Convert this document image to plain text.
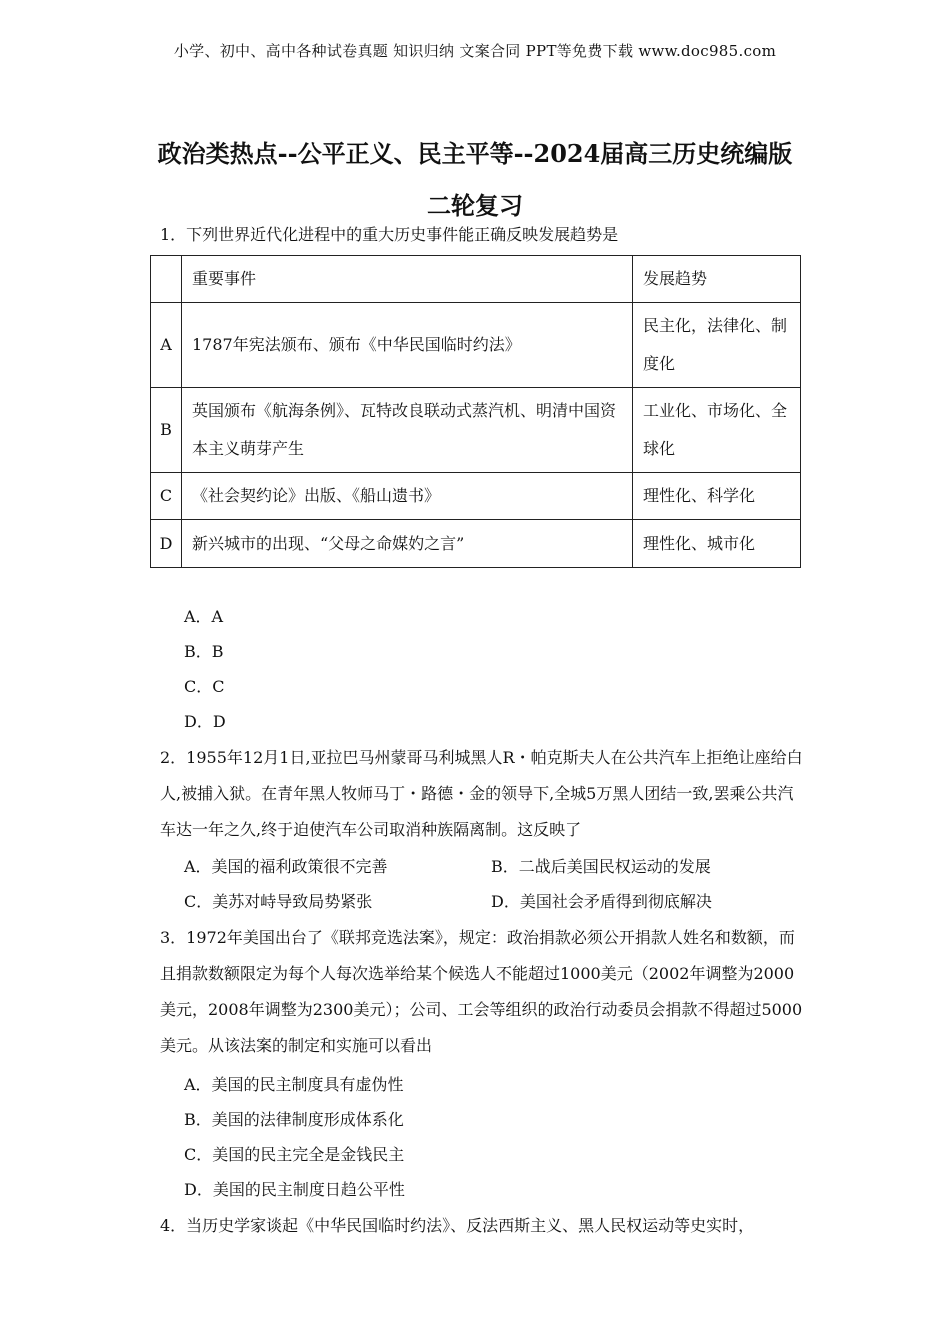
小学、初中、高中各种试卷真题 知识归纳 文案合同 PPT等免费下载 www.doc985.com
政治类热点--公平正义、民主平等--2024届高三历史统编版
二轮复习
1．下列世界近代化进程中的重大历史事件能正确反映发展趋势是
	重要事件	发展趋势
A	1787年宪法颁布、颁布《中华民国临时约法》	民主化，法律化、制度化
B	英国颁布《航海条例》、瓦特改良联动式蒸汽机、明清中国资本主义萌芽产生	工业化、市场化、全球化
C	《社会契约论》出版、《船山遗书》	理性化、科学化
D	新兴城市的出现、“父母之命媒妁之言”	理性化、城市化
A．A
B．B
C．C
D．D
2．1955年12月1日,亚拉巴马州蒙哥马利城黑人R・帕克斯夫人在公共汽车上拒绝让座给白人,被捕入狱。在青年黑人牧师马丁・路德・金的领导下,全城5万黑人团结一致,罢乘公共汽车达一年之久,终于迫使汽车公司取消种族隔离制。这反映了
A．美国的福利政策很不完善	B．二战后美国民权运动的发展
C．美苏对峙导致局势紧张	D．美国社会矛盾得到彻底解决
3．1972年美国出台了《联邦竞选法案》，规定：政治捐款必须公开捐款人姓名和数额，而且捐款数额限定为每个人每次选举给某个候选人不能超过1000美元（2002年调整为2000美元，2008年调整为2300美元）；公司、工会等组织的政治行动委员会捐款不得超过5000美元。从该法案的制定和实施可以看出
A．美国的民主制度具有虚伪性
B．美国的法律制度形成体系化
C．美国的民主完全是金钱民主
D．美国的民主制度日趋公平性
4．当历史学家谈起《中华民国临时约法》、反法西斯主义、黑人民权运动等史实时，
